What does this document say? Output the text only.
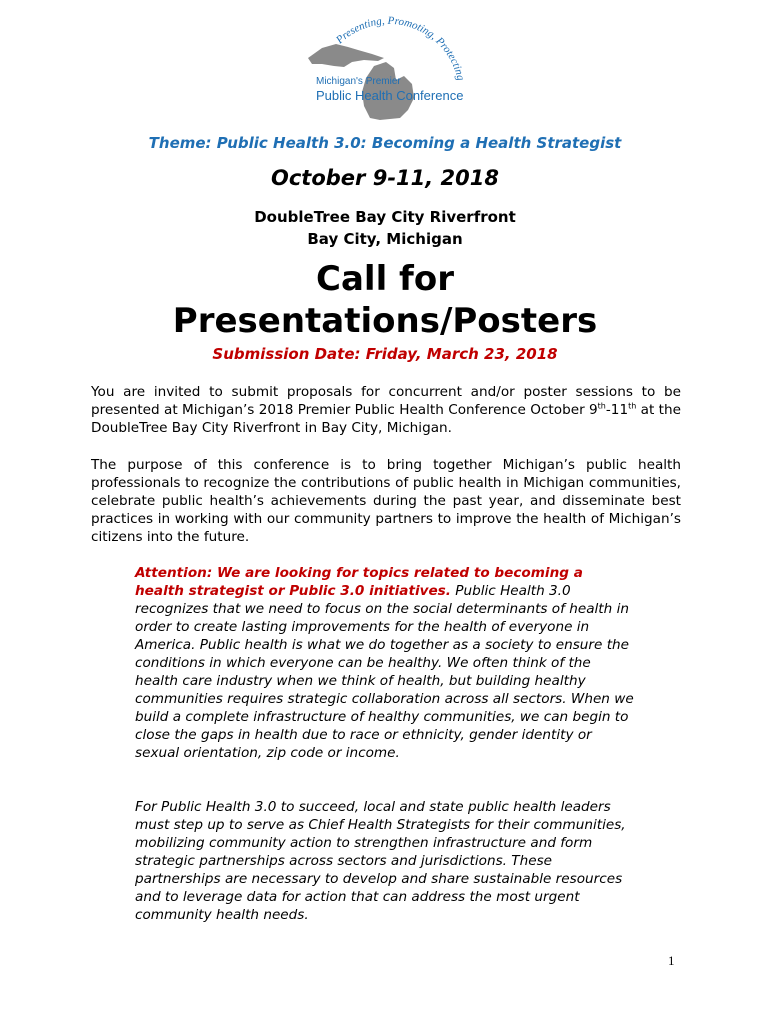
Presenting, Promoting, Protecting
Michigan's Premier
Public Health Conference
Theme: Public Health 3.0: Becoming a Health Strategist
October 9-11, 2018
DoubleTree Bay City Riverfront
Bay City, Michigan
Call for
Presentations/Posters
Submission Date: Friday, March 23, 2018
You are invited to submit proposals for concurrent and/or poster sessions to be presented at Michigan’s 2018 Premier Public Health Conference October 9th-11th at the DoubleTree Bay City Riverfront in Bay City, Michigan.
The purpose of this conference is to bring together Michigan’s public health professionals to recognize the contributions of public health in Michigan communities, celebrate public health’s achievements during the past year, and disseminate best practices in working with our community partners to improve the health of Michigan’s citizens into the future.
Attention: We are looking for topics related to becoming a health strategist or Public 3.0 initiatives. Public Health 3.0 recognizes that we need to focus on the social determinants of health in order to create lasting improvements for the health of everyone in America. Public health is what we do together as a society to ensure the conditions in which everyone can be healthy. We often think of the health care industry when we think of health, but building healthy communities requires strategic collaboration across all sectors. When we build a complete infrastructure of healthy communities, we can begin to close the gaps in health due to race or ethnicity, gender identity or sexual orientation, zip code or income.
For Public Health 3.0 to succeed, local and state public health leaders must step up to serve as Chief Health Strategists for their communities, mobilizing community action to strengthen infrastructure and form strategic partnerships across sectors and jurisdictions. These partnerships are necessary to develop and share sustainable resources and to leverage data for action that can address the most urgent community health needs.
1
